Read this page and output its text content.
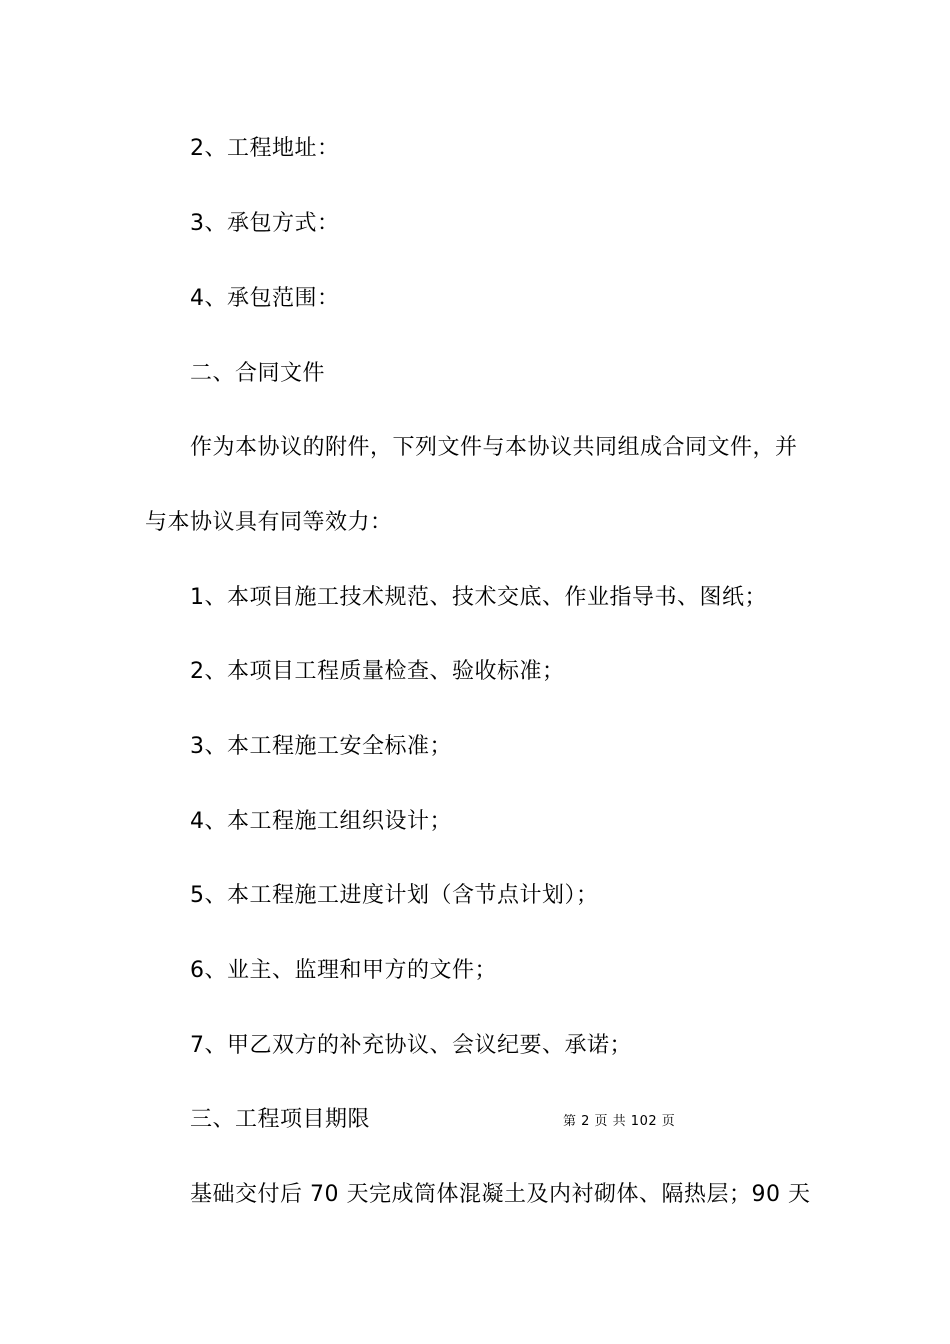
2、工程地址：
3、承包方式：
4、承包范围：
二、合同文件
作为本协议的附件，下列文件与本协议共同组成合同文件，并
与本协议具有同等效力：
1、本项目施工技术规范、技术交底、作业指导书、图纸；
2、本项目工程质量检查、验收标准；
3、本工程施工安全标准；
4、本工程施工组织设计；
5、本工程施工进度计划（含节点计划）；
6、业主、监理和甲方的文件；
7、甲乙双方的补充协议、会议纪要、承诺；
三、工程项目期限	第 2 页 共 102 页
基础交付后 70 天完成筒体混凝土及内衬砌体、隔热层；90 天
